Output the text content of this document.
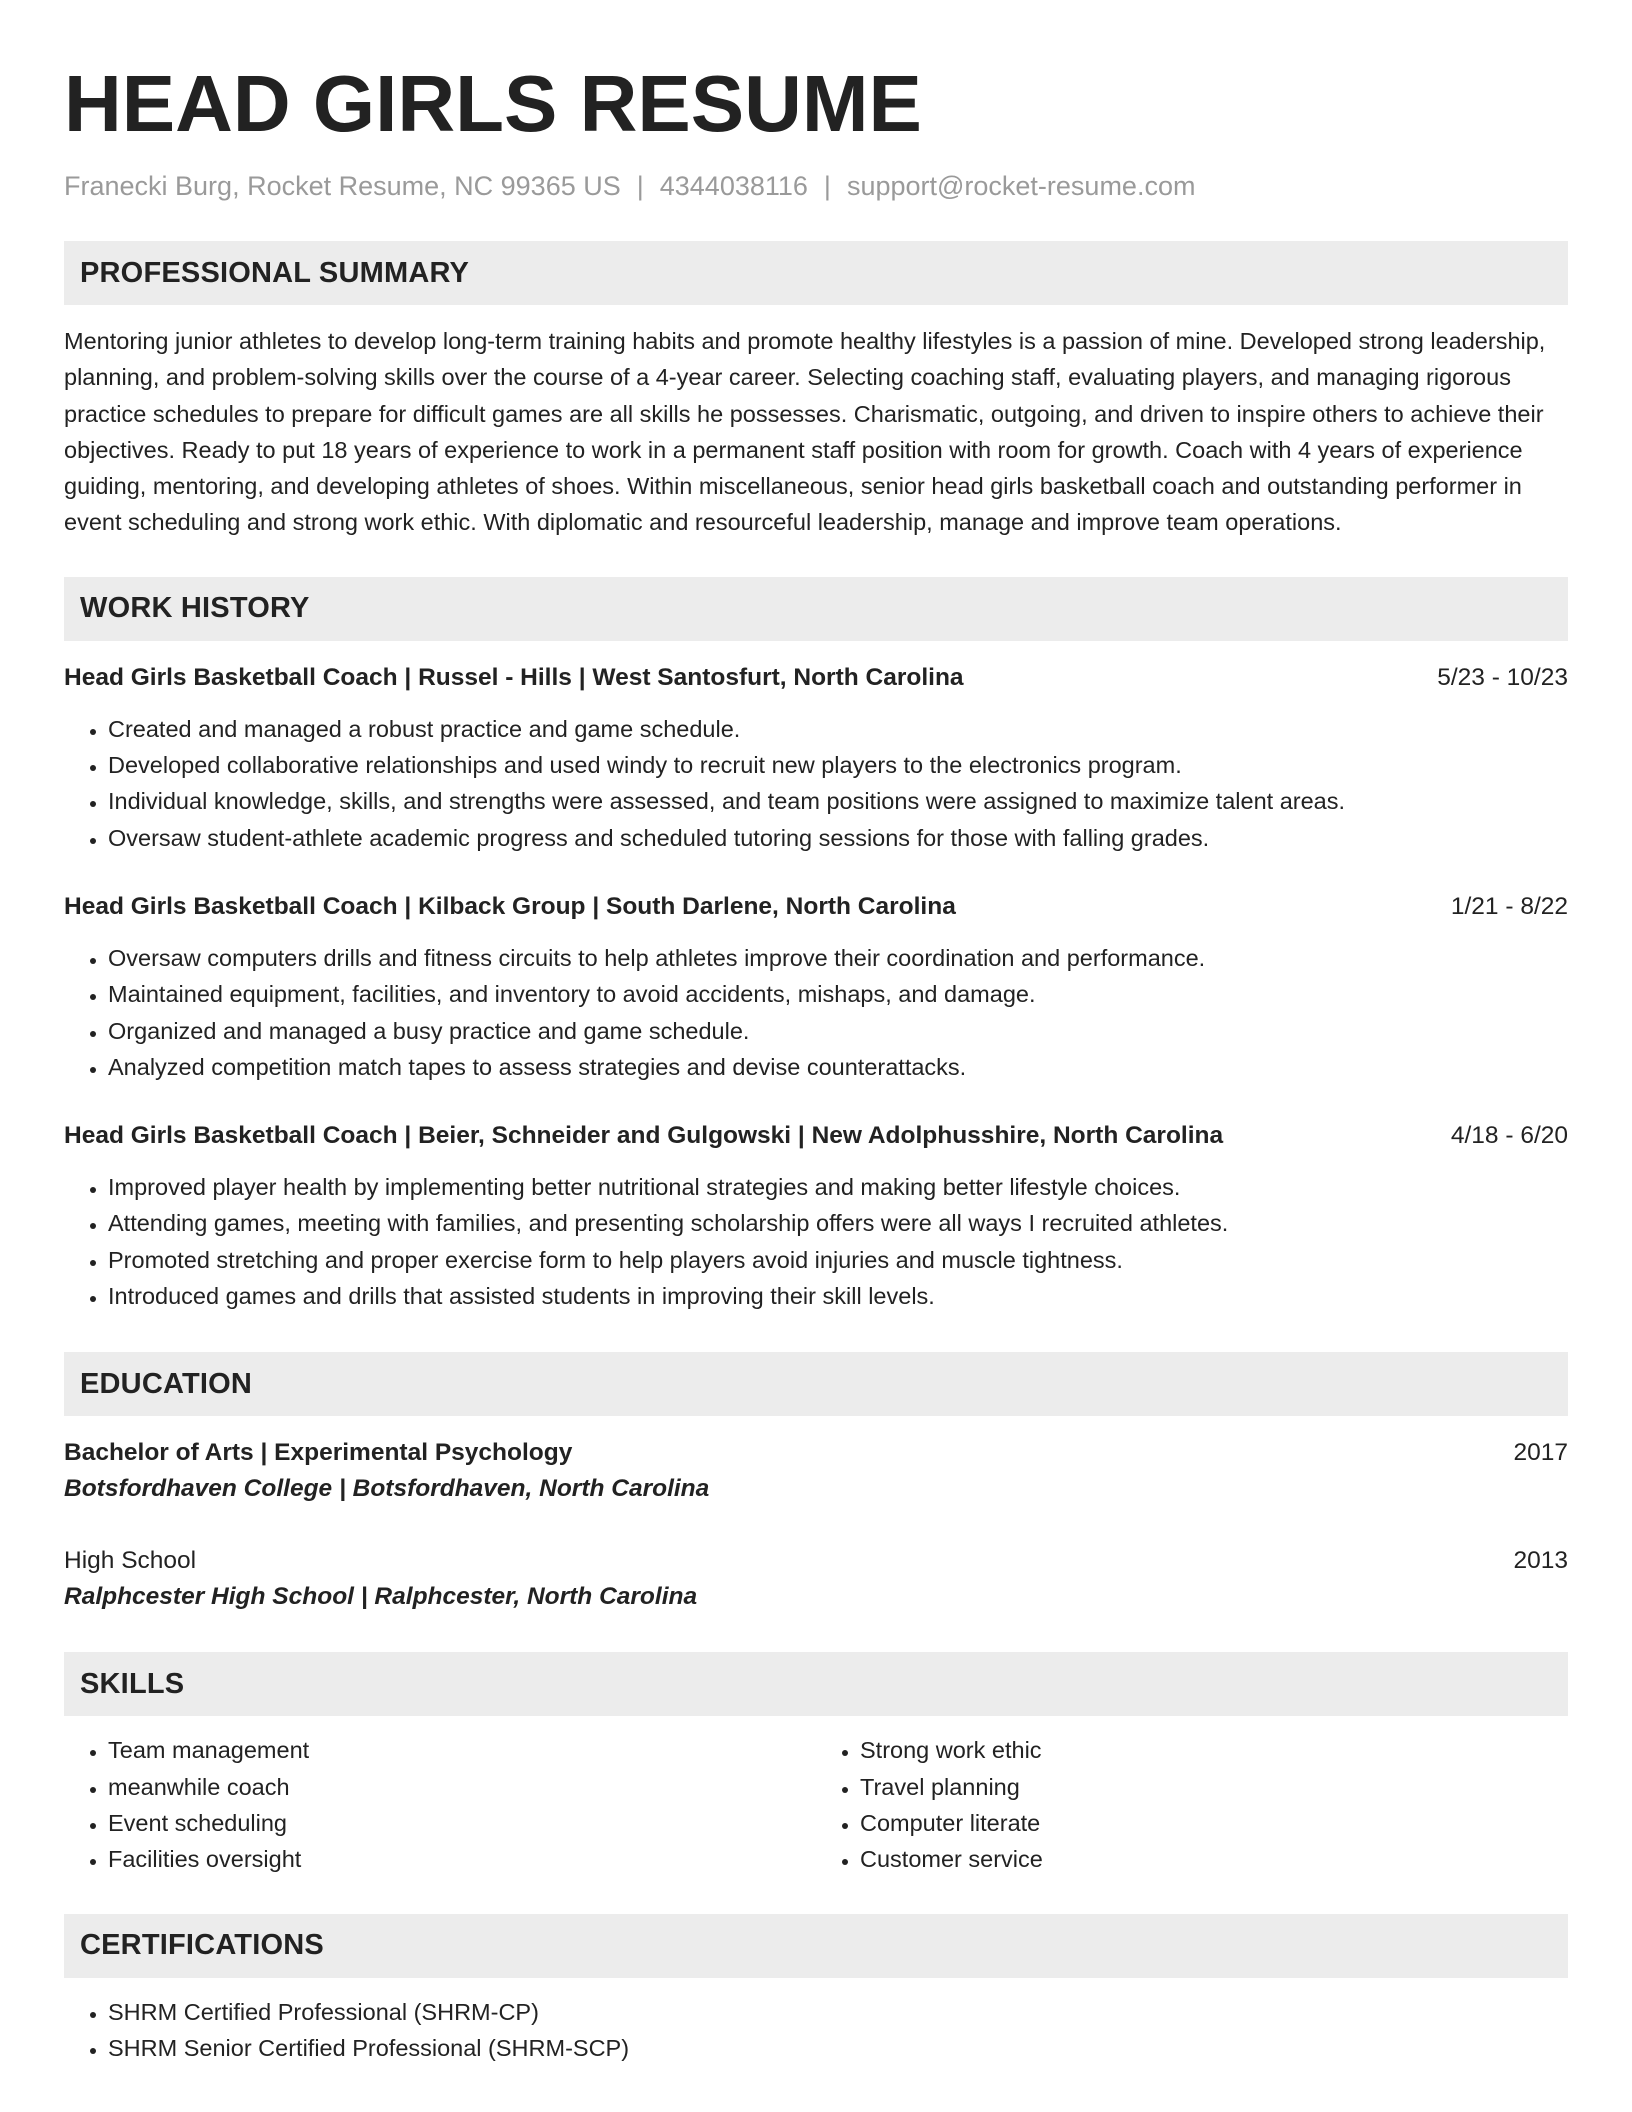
HEAD GIRLS RESUME
Franecki Burg, Rocket Resume, NC 99365 US | 4344038116 | support@rocket-resume.com
PROFESSIONAL SUMMARY
Mentoring junior athletes to develop long-term training habits and promote healthy lifestyles is a passion of mine. Developed strong leadership, planning, and problem-solving skills over the course of a 4-year career. Selecting coaching staff, evaluating players, and managing rigorous practice schedules to prepare for difficult games are all skills he possesses. Charismatic, outgoing, and driven to inspire others to achieve their objectives. Ready to put 18 years of experience to work in a permanent staff position with room for growth. Coach with 4 years of experience guiding, mentoring, and developing athletes of shoes. Within miscellaneous, senior head girls basketball coach and outstanding performer in event scheduling and strong work ethic. With diplomatic and resourceful leadership, manage and improve team operations.
WORK HISTORY
Head Girls Basketball Coach | Russel - Hills | West Santosfurt, North Carolina	5/23 - 10/23
• Created and managed a robust practice and game schedule.
• Developed collaborative relationships and used windy to recruit new players to the electronics program.
• Individual knowledge, skills, and strengths were assessed, and team positions were assigned to maximize talent areas.
• Oversaw student-athlete academic progress and scheduled tutoring sessions for those with falling grades.
Head Girls Basketball Coach | Kilback Group | South Darlene, North Carolina	1/21 - 8/22
• Oversaw computers drills and fitness circuits to help athletes improve their coordination and performance.
• Maintained equipment, facilities, and inventory to avoid accidents, mishaps, and damage.
• Organized and managed a busy practice and game schedule.
• Analyzed competition match tapes to assess strategies and devise counterattacks.
Head Girls Basketball Coach | Beier, Schneider and Gulgowski | New Adolphusshire, North Carolina	4/18 - 6/20
• Improved player health by implementing better nutritional strategies and making better lifestyle choices.
• Attending games, meeting with families, and presenting scholarship offers were all ways I recruited athletes.
• Promoted stretching and proper exercise form to help players avoid injuries and muscle tightness.
• Introduced games and drills that assisted students in improving their skill levels.
EDUCATION
Bachelor of Arts | Experimental Psychology	2017
Botsfordhaven College | Botsfordhaven, North Carolina
High School	2013
Ralphcester High School | Ralphcester, North Carolina
SKILLS
• Team management
• meanwhile coach
• Event scheduling
• Facilities oversight
• Strong work ethic
• Travel planning
• Computer literate
• Customer service
CERTIFICATIONS
• SHRM Certified Professional (SHRM-CP)
• SHRM Senior Certified Professional (SHRM-SCP)
